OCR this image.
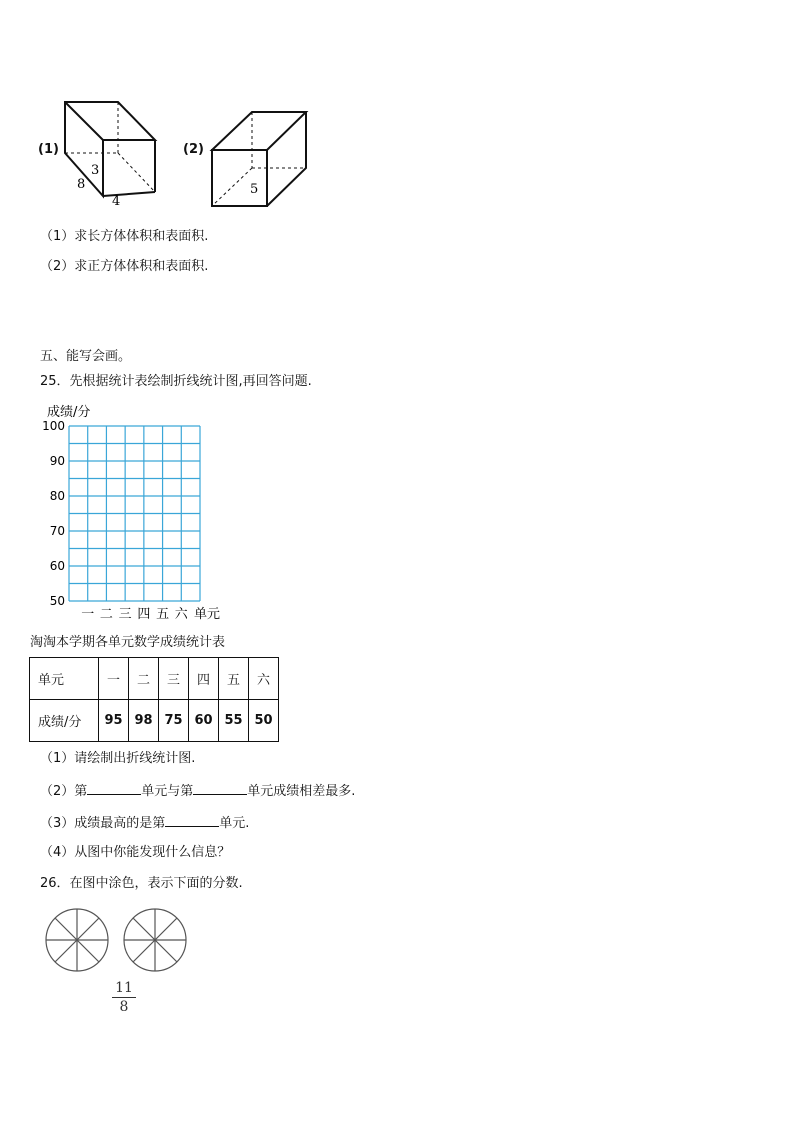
(1)
3
8
4
(2)
5
（1）求长方体体积和表面积.
（2）求正方体体积和表面积.
五、能写会画。
25．先根据统计表绘制折线统计图,再回答问题.
成绩/分
100
90
80
70
60
50
一 二 三 四 五 六 单元
淘淘本学期各单元数学成绩统计表
单元	一	二	三	四	五	六
成绩/分	95	98	75	60	55	50
（1）请绘制出折线统计图.
（2）第	单元与第	单元成绩相差最多.
（3）成绩最高的是第	单元.
（4）从图中你能发现什么信息？
26．在图中涂色，表示下面的分数.
11
8
